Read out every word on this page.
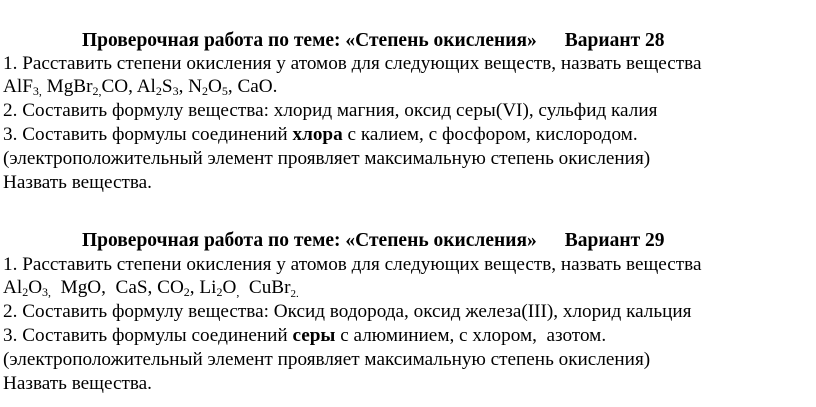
Проверочная работа по теме: «Степень окисления» Вариант 28
1. Расставить степени окисления у атомов для следующих веществ, назвать вещества
AlF$_{3,}$ MgBr$_{2,}$CO, $Al_2S_3$, $N_2O_5$, CaO.
2. Составить формулу вещества: хлорид магния, оксид серы(VI), сульфид калия
3. Составить формулы соединений хлора с калием, с фосфором, кислородом.
(электроположительный элемент проявляет максимальную степень окисления)
Назвать вещества.
Проверочная работа по теме: «Степень окисления» Вариант 29
1. Расставить степени окисления у атомов для следующих веществ, назвать вещества
$Al_2O_{3,}$ MgO, CaS, $CO_2$, $Li_2O_,$ CuBr$_{2.}$
2. Составить формулу вещества: Оксид водорода, оксид железа(III), хлорид кальция
3. Составить формулы соединений серы с алюминием, с хлором,  азотом.
(электроположительный элемент проявляет максимальную степень окисления)
Назвать вещества.
